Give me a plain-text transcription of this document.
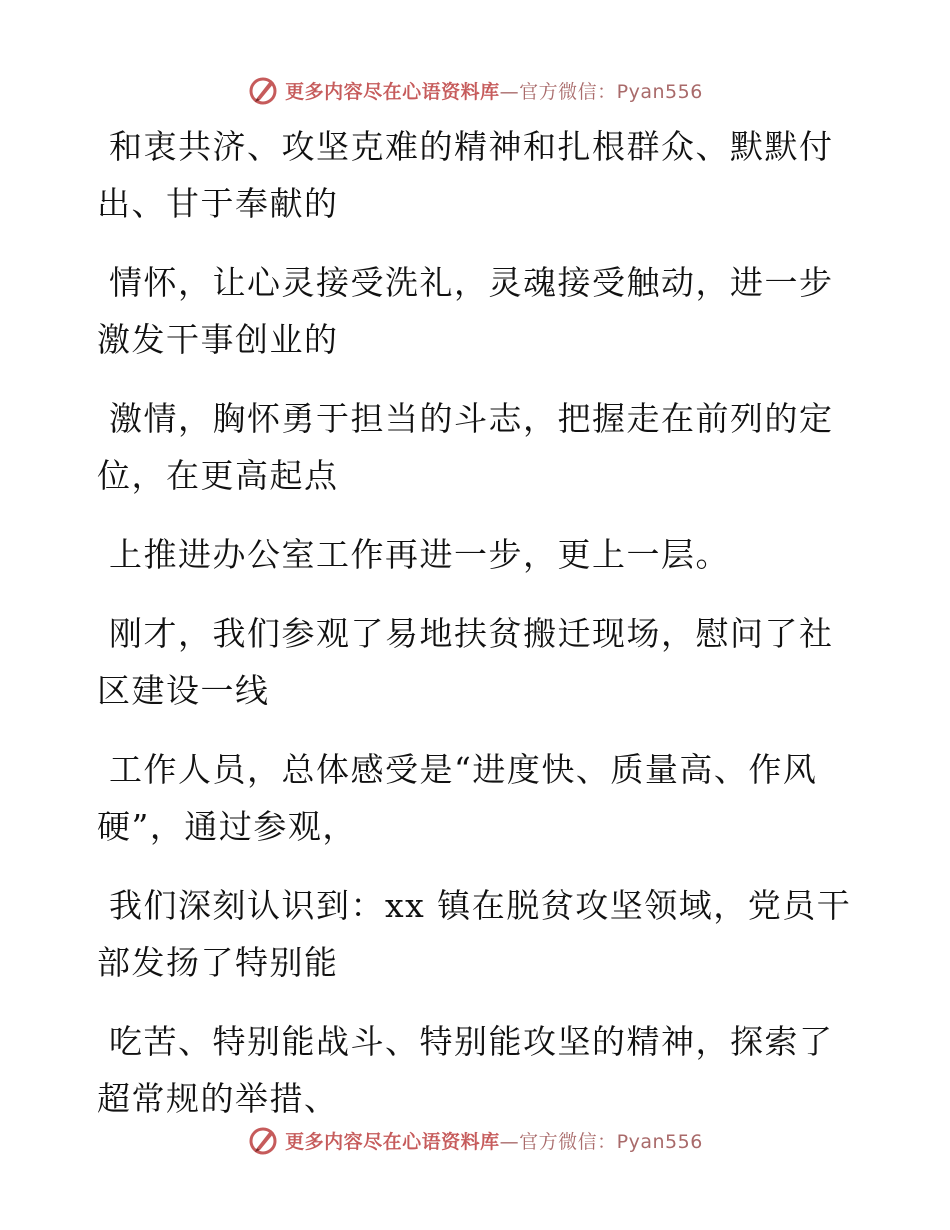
更多内容尽在心语资料库—官方微信：Pyan556

和衷共济、攻坚克难的精神和扎根群众、默默付
出、甘于奉献的

情怀，让心灵接受洗礼，灵魂接受触动，进一步
激发干事创业的

激情，胸怀勇于担当的斗志，把握走在前列的定
位，在更高起点

上推进办公室工作再进一步，更上一层。

刚才，我们参观了易地扶贫搬迁现场，慰问了社
区建设一线

工作人员，总体感受是“进度快、质量高、作风
硬”，通过参观，

我们深刻认识到：xx 镇在脱贫攻坚领域，党员干
部发扬了特别能

吃苦、特别能战斗、特别能攻坚的精神，探索了
超常规的举措、

更多内容尽在心语资料库—官方微信：Pyan556
